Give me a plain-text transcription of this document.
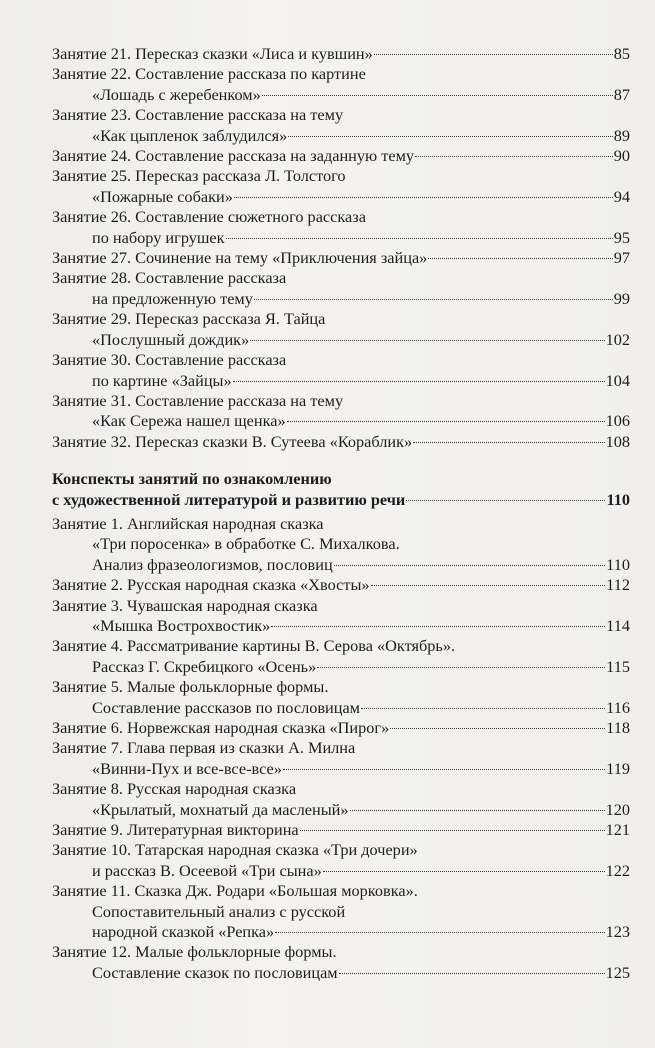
Занятие 21. Пересказ сказки «Лиса и кувшин»	85
Занятие 22. Составление рассказа по картине
«Лошадь с жеребенком»	87
Занятие 23. Составление рассказа на тему
«Как цыпленок заблудился»	89
Занятие 24. Составление рассказа на заданную тему	90
Занятие 25. Пересказ рассказа Л. Толстого
«Пожарные собаки»	94
Занятие 26. Составление сюжетного рассказа
по набору игрушек	95
Занятие 27. Сочинение на тему «Приключения зайца»	97
Занятие 28. Составление рассказа
на предложенную тему	99
Занятие 29. Пересказ рассказа Я. Тайца
«Послушный дождик»	102
Занятие 30. Составление рассказа
по картине «Зайцы»	104
Занятие 31. Составление рассказа на тему
«Как Сережа нашел щенка»	106
Занятие 32. Пересказ сказки В. Сутеева «Кораблик»	108
Конспекты занятий по ознакомлению
с художественной литературой и развитию речи	110
Занятие 1. Английская народная сказка
«Три поросенка» в обработке С. Михалкова.
Анализ фразеологизмов, пословиц	110
Занятие 2. Русская народная сказка «Хвосты»	112
Занятие 3. Чувашская народная сказка
«Мышка Вострохвостик»	114
Занятие 4. Рассматривание картины В. Серова «Октябрь».
Рассказ Г. Скребицкого «Осень»	115
Занятие 5. Малые фольклорные формы.
Составление рассказов по пословицам	116
Занятие 6. Норвежская народная сказка «Пирог»	118
Занятие 7. Глава первая из сказки А. Милна
«Винни-Пух и все-все-все»	119
Занятие 8. Русская народная сказка
«Крылатый, мохнатый да масленый»	120
Занятие 9. Литературная викторина	121
Занятие 10. Татарская народная сказка «Три дочери»
и рассказ В. Осеевой «Три сына»	122
Занятие 11. Сказка Дж. Родари «Большая морковка».
Сопоставительный анализ с русской
народной сказкой «Репка»	123
Занятие 12. Малые фольклорные формы.
Составление сказок по пословицам	125
